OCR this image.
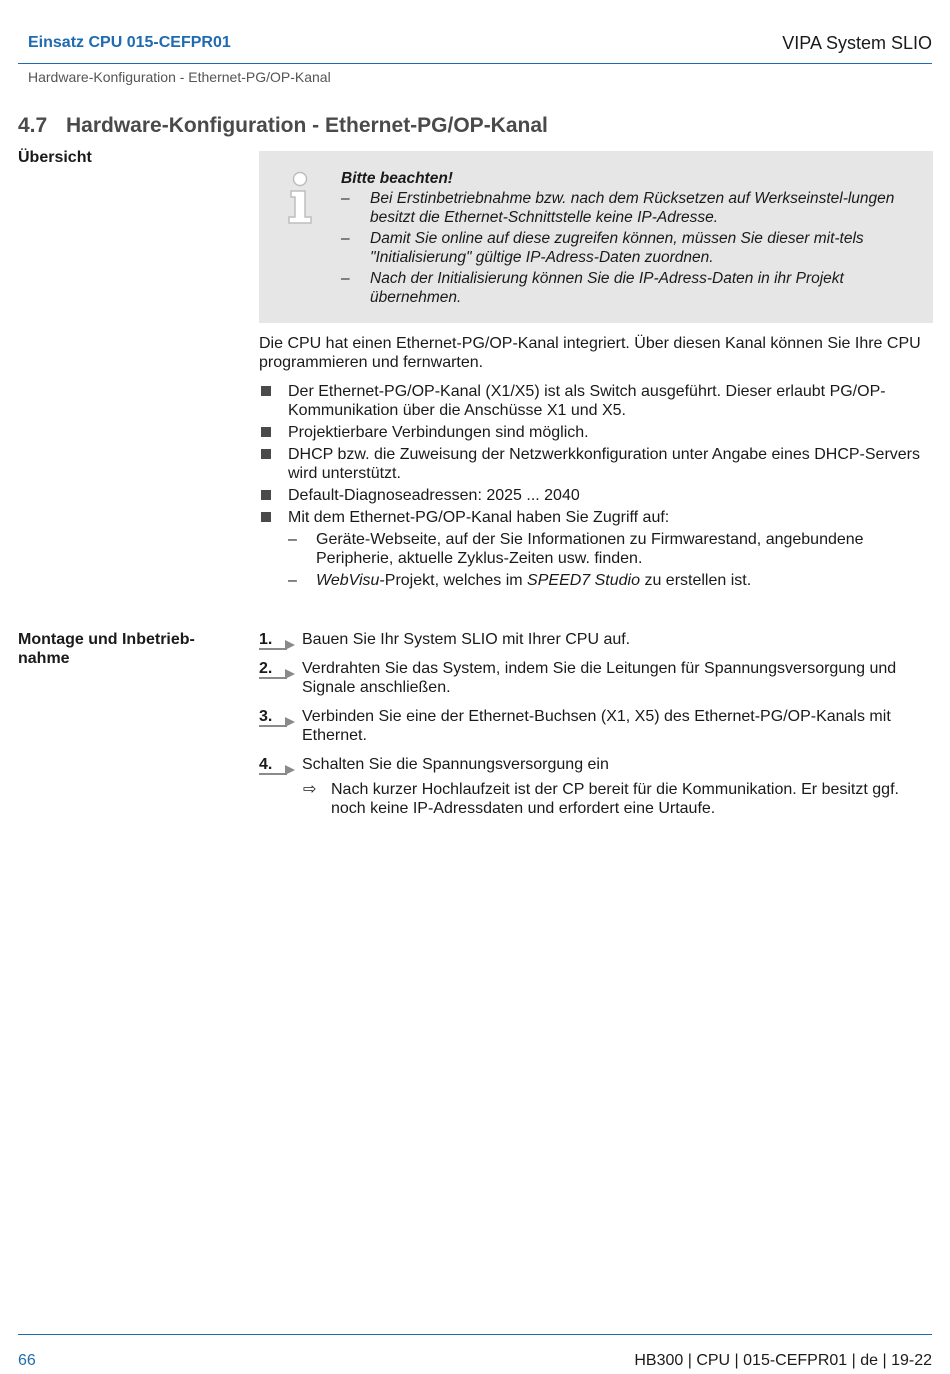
Einsatz CPU 015-CEFPR01	VIPA System SLIO
Hardware-Konfiguration - Ethernet-PG/OP-Kanal
4.7 Hardware-Konfiguration - Ethernet-PG/OP-Kanal
Übersicht
Bitte beachten!
– Bei Erstinbetriebnahme bzw. nach dem Rücksetzen auf Werkseinstel-lungen besitzt die Ethernet-Schnittstelle keine IP-Adresse.
– Damit Sie online auf diese zugreifen können, müssen Sie dieser mit-tels "Initialisierung" gültige IP-Adress-Daten zuordnen.
– Nach der Initialisierung können Sie die IP-Adress-Daten in ihr Projekt übernehmen.
Die CPU hat einen Ethernet-PG/OP-Kanal integriert. Über diesen Kanal können Sie Ihre CPU programmieren und fernwarten.
Der Ethernet-PG/OP-Kanal (X1/X5) ist als Switch ausgeführt. Dieser erlaubt PG/OP-Kommunikation über die Anschüsse X1 und X5.
Projektierbare Verbindungen sind möglich.
DHCP bzw. die Zuweisung der Netzwerkkonfiguration unter Angabe eines DHCP-Servers wird unterstützt.
Default-Diagnoseadressen: 2025 ... 2040
Mit dem Ethernet-PG/OP-Kanal haben Sie Zugriff auf:
– Geräte-Webseite, auf der Sie Informationen zu Firmwarestand, angebundene Peripherie, aktuelle Zyklus-Zeiten usw. finden.
– WebVisu-Projekt, welches im SPEED7 Studio zu erstellen ist.
Montage und Inbetrieb-nahme
1. Bauen Sie Ihr System SLIO mit Ihrer CPU auf.
2. Verdrahten Sie das System, indem Sie die Leitungen für Spannungsversorgung und Signale anschließen.
3. Verbinden Sie eine der Ethernet-Buchsen (X1, X5) des Ethernet-PG/OP-Kanals mit Ethernet.
4. Schalten Sie die Spannungsversorgung ein
⇨ Nach kurzer Hochlaufzeit ist der CP bereit für die Kommunikation. Er besitzt ggf. noch keine IP-Adressdaten und erfordert eine Urtaufe.
66	HB300 | CPU | 015-CEFPR01 | de | 19-22
